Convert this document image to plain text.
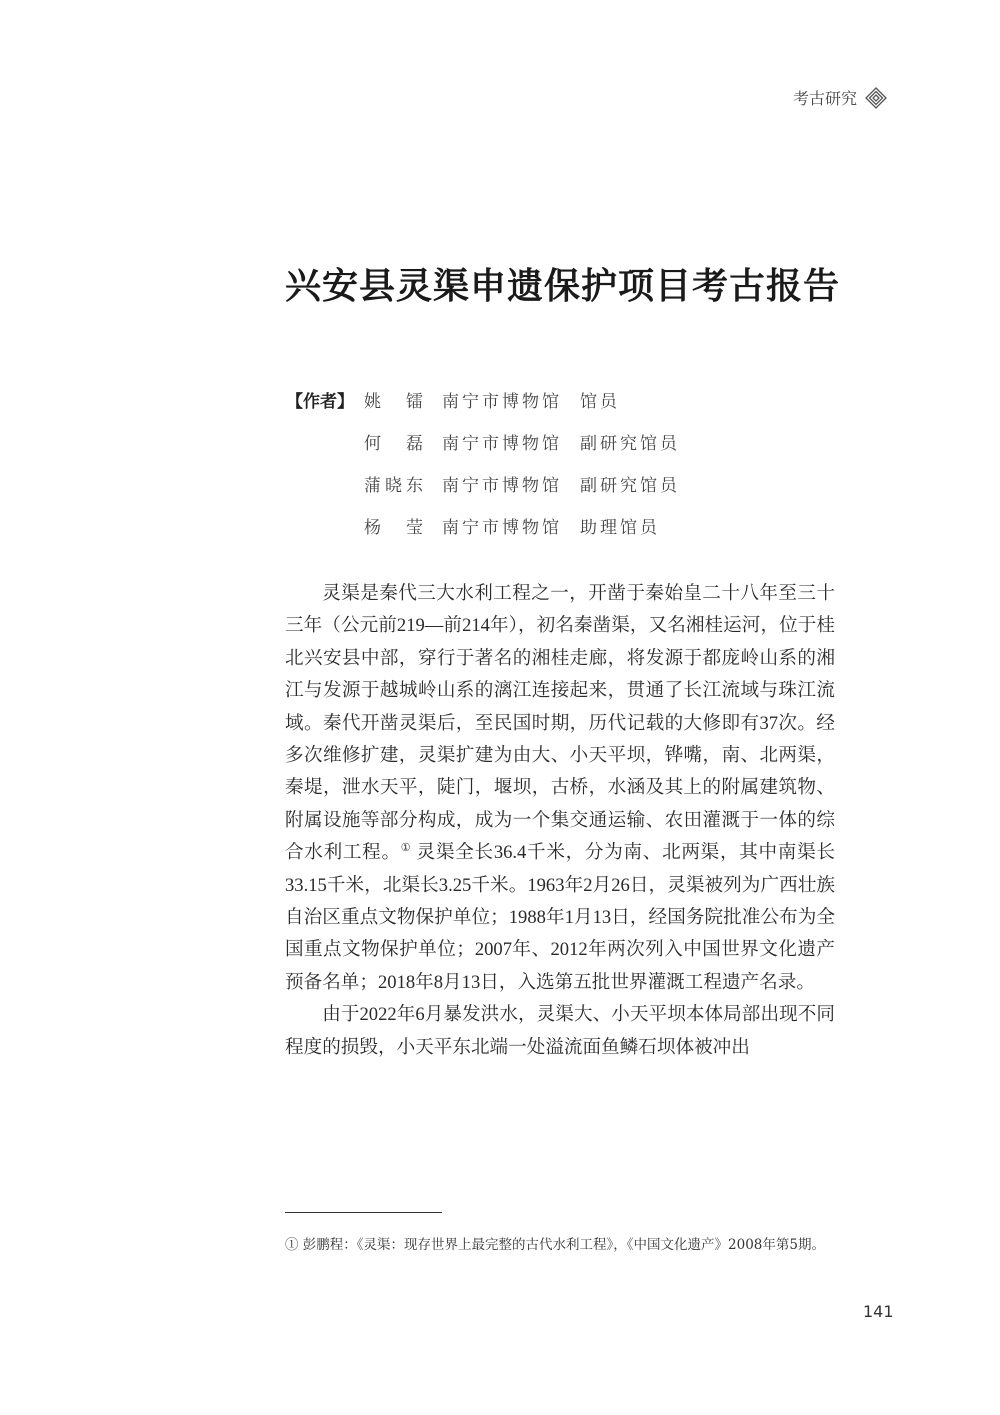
考古研究
兴安县灵渠申遗保护项目考古报告
【作者】 姚　镭 南宁市博物馆	馆员
何　磊 南宁市博物馆	副研究馆员
蒲晓东 南宁市博物馆	副研究馆员
杨　莹 南宁市博物馆	助理馆员

灵渠是秦代三大水利工程之一，开凿于秦始皇二十八年至三十三年（公元前219—前214年），初名秦凿渠，又名湘桂运河，位于桂北兴安县中部，穿行于著名的湘桂走廊，将发源于都庞岭山系的湘江与发源于越城岭山系的漓江连接起来，贯通了长江流域与珠江流域。秦代开凿灵渠后，至民国时期，历代记载的大修即有37次。经多次维修扩建，灵渠扩建为由大、小天平坝，铧嘴，南、北两渠，秦堤，泄水天平，陡门，堰坝，古桥，水涵及其上的附属建筑物、附属设施等部分构成，成为一个集交通运输、农田灌溉于一体的综合水利工程。① 灵渠全长36.4千米，分为南、北两渠，其中南渠长33.15千米，北渠长3.25千米。1963年2月26日，灵渠被列为广西壮族自治区重点文物保护单位；1988年1月13日，经国务院批准公布为全国重点文物保护单位；2007年、2012年两次列入中国世界文化遗产预备名单；2018年8月13日，入选第五批世界灌溉工程遗产名录。

由于2022年6月暴发洪水，灵渠大、小天平坝本体局部出现不同程度的损毁，小天平东北端一处溢流面鱼鳞石坝体被冲出

① 彭鹏程：《灵渠：现存世界上最完整的古代水利工程》，《中国文化遗产》2008年第5期。
141
